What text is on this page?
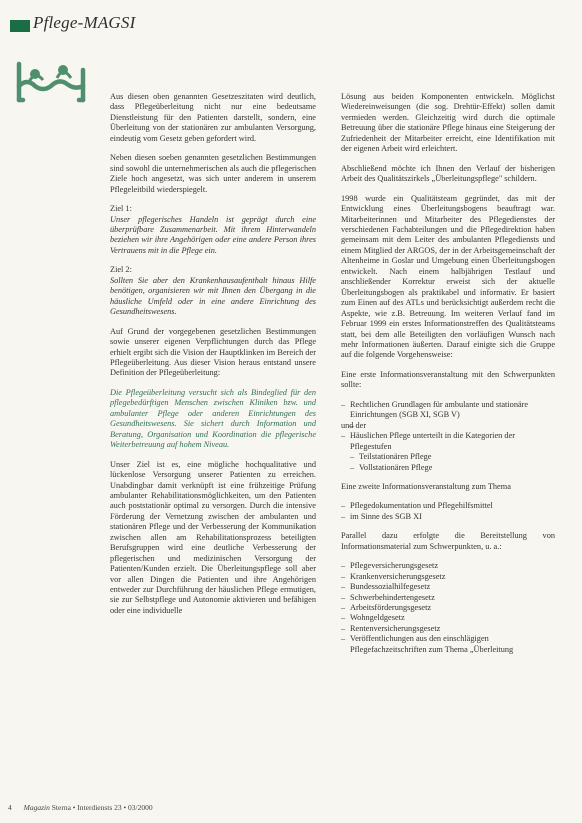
Pflege-MAGSI

Aus diesen oben genannten Gesetzeszitaten wird deutlich, dass Pflegeüberleitung nicht nur eine bedeutsame Dienstleistung für den Patienten darstellt, sondern, eine Überleitung von der stationären zur ambulanten Versorgung, eindeutig vom Gesetz geben gefordert wird.

Neben diesen soeben genannten gesetzlichen Bestimmungen sind sowohl die unternehmerischen als auch die pflegerischen Ziele hoch angesetzt, was sich unter anderem in unserem Pflegeleitbild wiederspiegelt.

Ziel 1:

Unser pflegerisches Handeln ist geprägt durch eine überprüfbare Zusammenarbeit. Mit ihrem Hinterwandeln beziehen wir ihre Angehörigen oder eine andere Person ihres Vertrauens mit in die Pflege ein.

Ziel 2:

Sollten Sie aber den Krankenhausaufenthalt hinaus Hilfe benötigen, organisieren wir mit Ihnen den Übergang in die häusliche Umfeld oder in eine andere Einrichtung des Gesundheitswesens.

Auf Grund der vorgegebenen gesetzlichen Bestimmungen sowie unserer eigenen Verpflichtungen durch das Pflege erhielt ergibt sich die Vision der Hauptklinken im Bereich der Pflegeüberleitung. Aus dieser Vision heraus entstand unsere Definition der Pflegeüberleitung:

Die Pflegeüberleitung versucht sich als Bindeglied für den pflegebedürftigen Menschen zwischen Kliniken bzw. und ambulanter Pflege oder anderen Einrichtungen des Gesundheitswesens. Sie sichert durch Information und Beratung, Organisation und Koordination die pflegerische Weiterbetreuung auf hohem Niveau.

Unser Ziel ist es, eine mögliche hochqualitative und lückenlose Versorgung unserer Patienten zu erreichen. Unabdingbar damit verknüpft ist eine frühzeitige Prüfung ambulanter Rehabilitationsmöglichkeiten, um den Patienten auch poststationär optimal zu versorgen. Durch die intensive Förderung der Vernetzung zwischen der ambulanten und stationären Pflege und der Verbesserung der Kommunikation zwischen allen am Rehabilitationsprozess beteiligten Berufsgruppen wird eine deutliche Verbesserung der pflegerischen und medizinischen Versorgung der Patienten/Kunden erzielt. Die Überleitungspflege soll aber vor allen Dingen die Patienten und ihre Angehörigen entweder zur Durchführung der häuslichen Pflege ermutigen, sie zur Selbstpflege und Autonomie aktivieren und befähigen oder eine individuelle

Lösung aus beiden Komponenten entwickeln. Möglichst Wiedereinweisungen (die sog. Drehtür-Effekt) sollen damit vermieden werden. Gleichzeitig wird durch die optimale Betreuung über die stationäre Pflege hinaus eine Steigerung der Zufriedenheit der Mitarbeiter erreicht, eine Identifikation mit der eigenen Arbeit wird erleichtert.

Abschließend möchte ich Ihnen den Verlauf der bisherigen Arbeit des Qualitätszirkels „Überleitungspflege" schildern.

1998 wurde ein Qualitätsteam gegründet, das mit der Entwicklung eines Überleitungsbogens beauftragt war. Mitarbeiterinnen und Mitarbeiter des Pflegedienstes der verschiedenen Fachabteilungen und die Pflegedirektion haben gemeinsam mit dem Leiter des ambulanten Pflegediensts und einem Mitglied der ARGOS, der in der Arbeitsgemeinschaft der Altenheime in Goslar und Umgebung einen Überleitungsbogen entwickelt. Nach einem halbjährigen Testlauf und anschließender Korrektur erweist sich der aktuelle Überleitungsbogen als praktikabel und informativ. Er basiert zum Einen auf des ATLs und berücksichtigt außerdem recht die Aspekte, wie z.B. Betreuung. Im weiteren Verlauf fand im Februar 1999 ein erstes Informationstreffen des Qualitätsteams statt, bei dem alle Beteiligten den vorläufigen Wunsch nach mehr Informationen äußerten. Darauf einigte sich die Gruppe auf die folgende Vorgehensweise:

Eine erste Informationsveranstaltung mit den Schwerpunkten sollte:

– Rechtlichen Grundlagen für ambulante und stationäre Einrichtungen (SGB XI, SGB V)
– und der
– Häuslichen Pflege unterteilt in die Kategorien der Pflegestufen
– Teilstationären Pflege
– Vollstationären Pflege

Eine zweite Informationsveranstaltung zum Thema

– Pflegedokumentation und Pflegehilfsmittel
– im Sinne des SGB XI

Parallel dazu erfolgte die Bereitstellung von Informationsmaterial zum Schwerpunkten, u. a.:

– Pflegeversicherungsgesetz
– Krankenversicherungsgesetz
– Bundessozialhilfegesetz
– Schwerbehindertengesetz
– Arbeitsförderungsgesetz
– Wohngeldgesetz
– Rentenversicherungsgesetz
– Veröffentlichungen aus den einschlägigen Pflegefachzeitschriften zum Thema „Überleitung
4 Magazin Sterna • Interdiensts 23 • 03/2000
